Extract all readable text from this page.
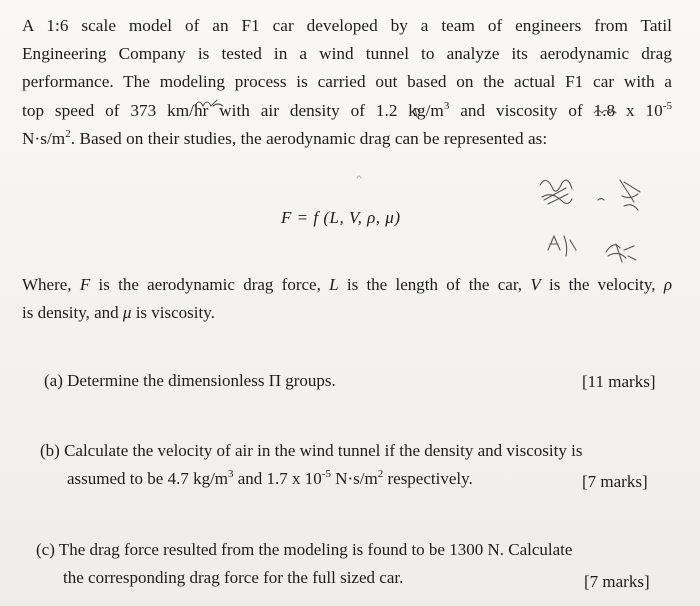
A 1:6 scale model of an F1 car developed by a team of engineers from Tatil
Engineering Company is tested in a wind tunnel to analyze its aerodynamic drag
performance. The modeling process is carried out based on the actual F1 car with a
top speed of 373 km/hr with air density of 1.2 $kg/m^3$ and viscosity of 1.8 x $10^{-5}$
$N\cdot s/m^2$. Based on their studies, the aerodynamic drag can be represented as:
F = f (L, V, ρ, μ)
Where, F is the aerodynamic drag force, L is the length of the car, V is the velocity, ρ
is density, and μ is viscosity.
(a) Determine the dimensionless Π groups.	[11 marks]
(b) Calculate the velocity of air in the wind tunnel if the density and viscosity is
assumed to be 4.7 $kg/m^3$ and 1.7 x $10^{-5}$ $N\cdot s/m^2$ respectively.	[7 marks]
(c) The drag force resulted from the modeling is found to be 1300 N. Calculate
the corresponding drag force for the full sized car.	[7 marks]
